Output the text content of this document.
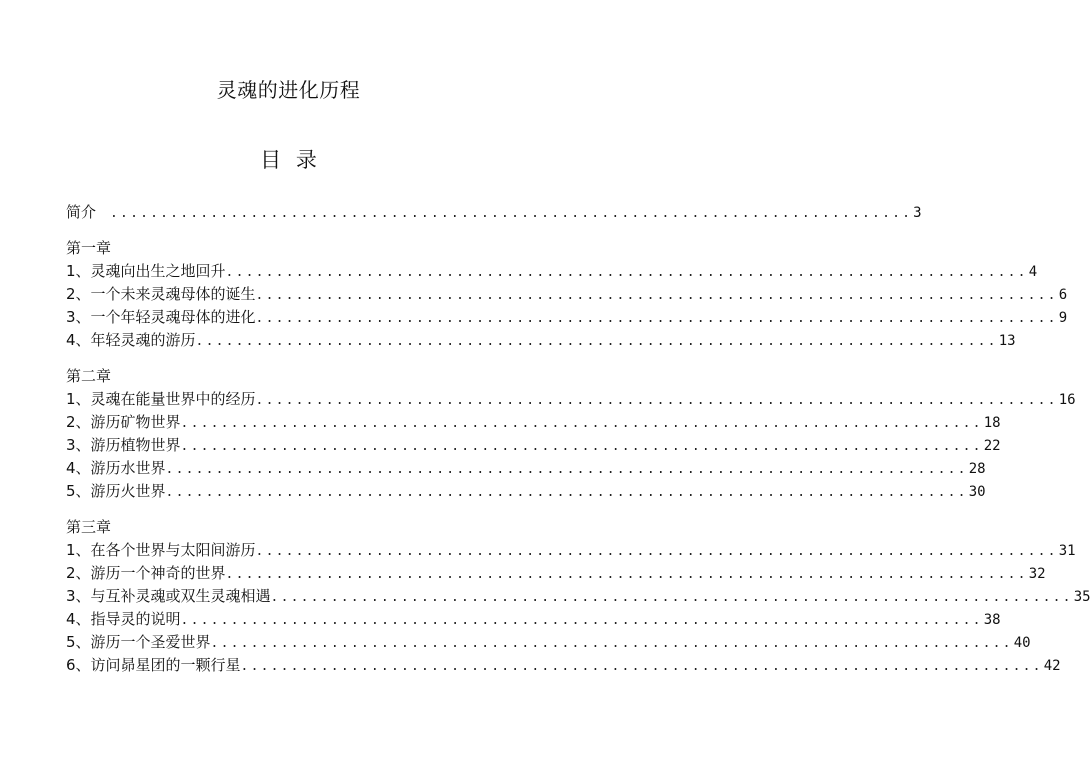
灵魂的进化历程
目 录
简介	................................................................................ 3
第一章
1、灵魂向出生之地回升 ................................................................................ 4
2、一个未来灵魂母体的诞生 ................................................................................ 6
3、一个年轻灵魂母体的进化 ................................................................................ 9
4、年轻灵魂的游历 ................................................................................ 13
第二章
1、灵魂在能量世界中的经历 ................................................................................ 16
2、游历矿物世界 ................................................................................ 18
3、游历植物世界 ................................................................................ 22
4、游历水世界 ................................................................................ 28
5、游历火世界 ................................................................................ 30
第三章
1、在各个世界与太阳间游历 ................................................................................ 31
2、游历一个神奇的世界 ................................................................................ 32
3、与互补灵魂或双生灵魂相遇 ................................................................................ 35
4、指导灵的说明 ................................................................................ 38
5、游历一个圣爱世界 ................................................................................ 40
6、访问昴星团的一颗行星 ................................................................................ 42
